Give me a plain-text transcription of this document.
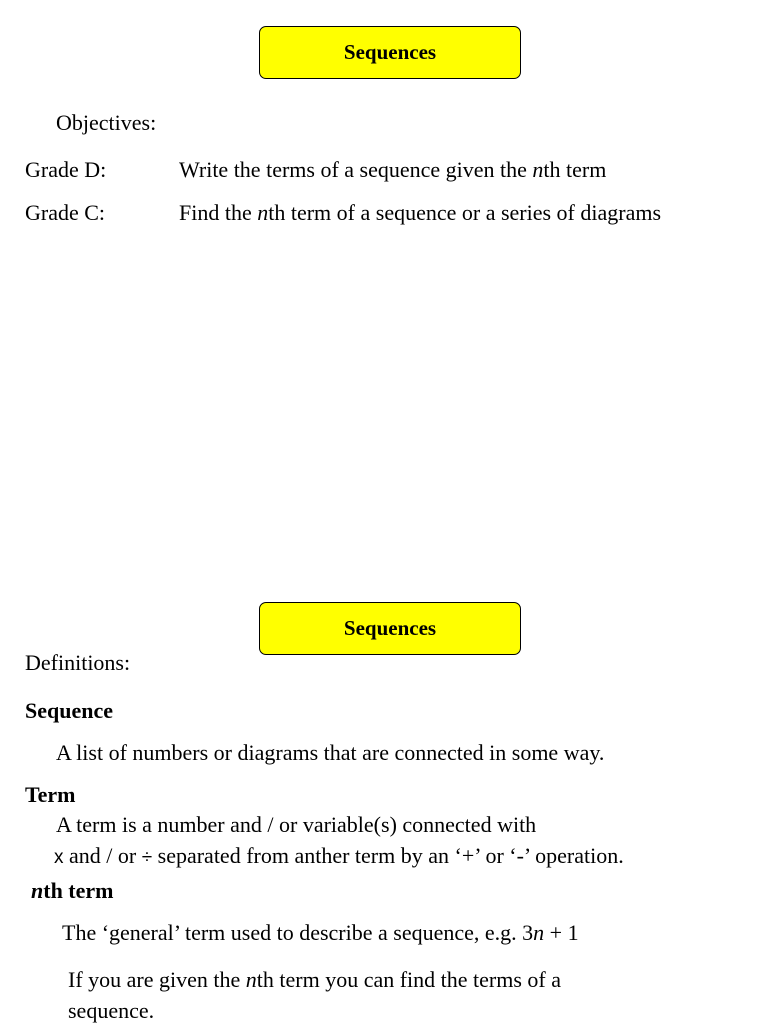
Sequences
Objectives:
Grade D:	Write the terms of a sequence given the nth term
Grade C:	Find the nth term of a sequence or a series of diagrams
Sequences
Definitions:
Sequence
A list of numbers or diagrams that are connected in some way.
Term
A term is a number and / or variable(s) connected with
x and / or ÷ separated from anther term by an ‘+’ or ‘-’ operation.
nth term
The ‘general’ term used to describe a sequence, e.g. 3n + 1
If you are given the nth term you can find the terms of a
sequence.
